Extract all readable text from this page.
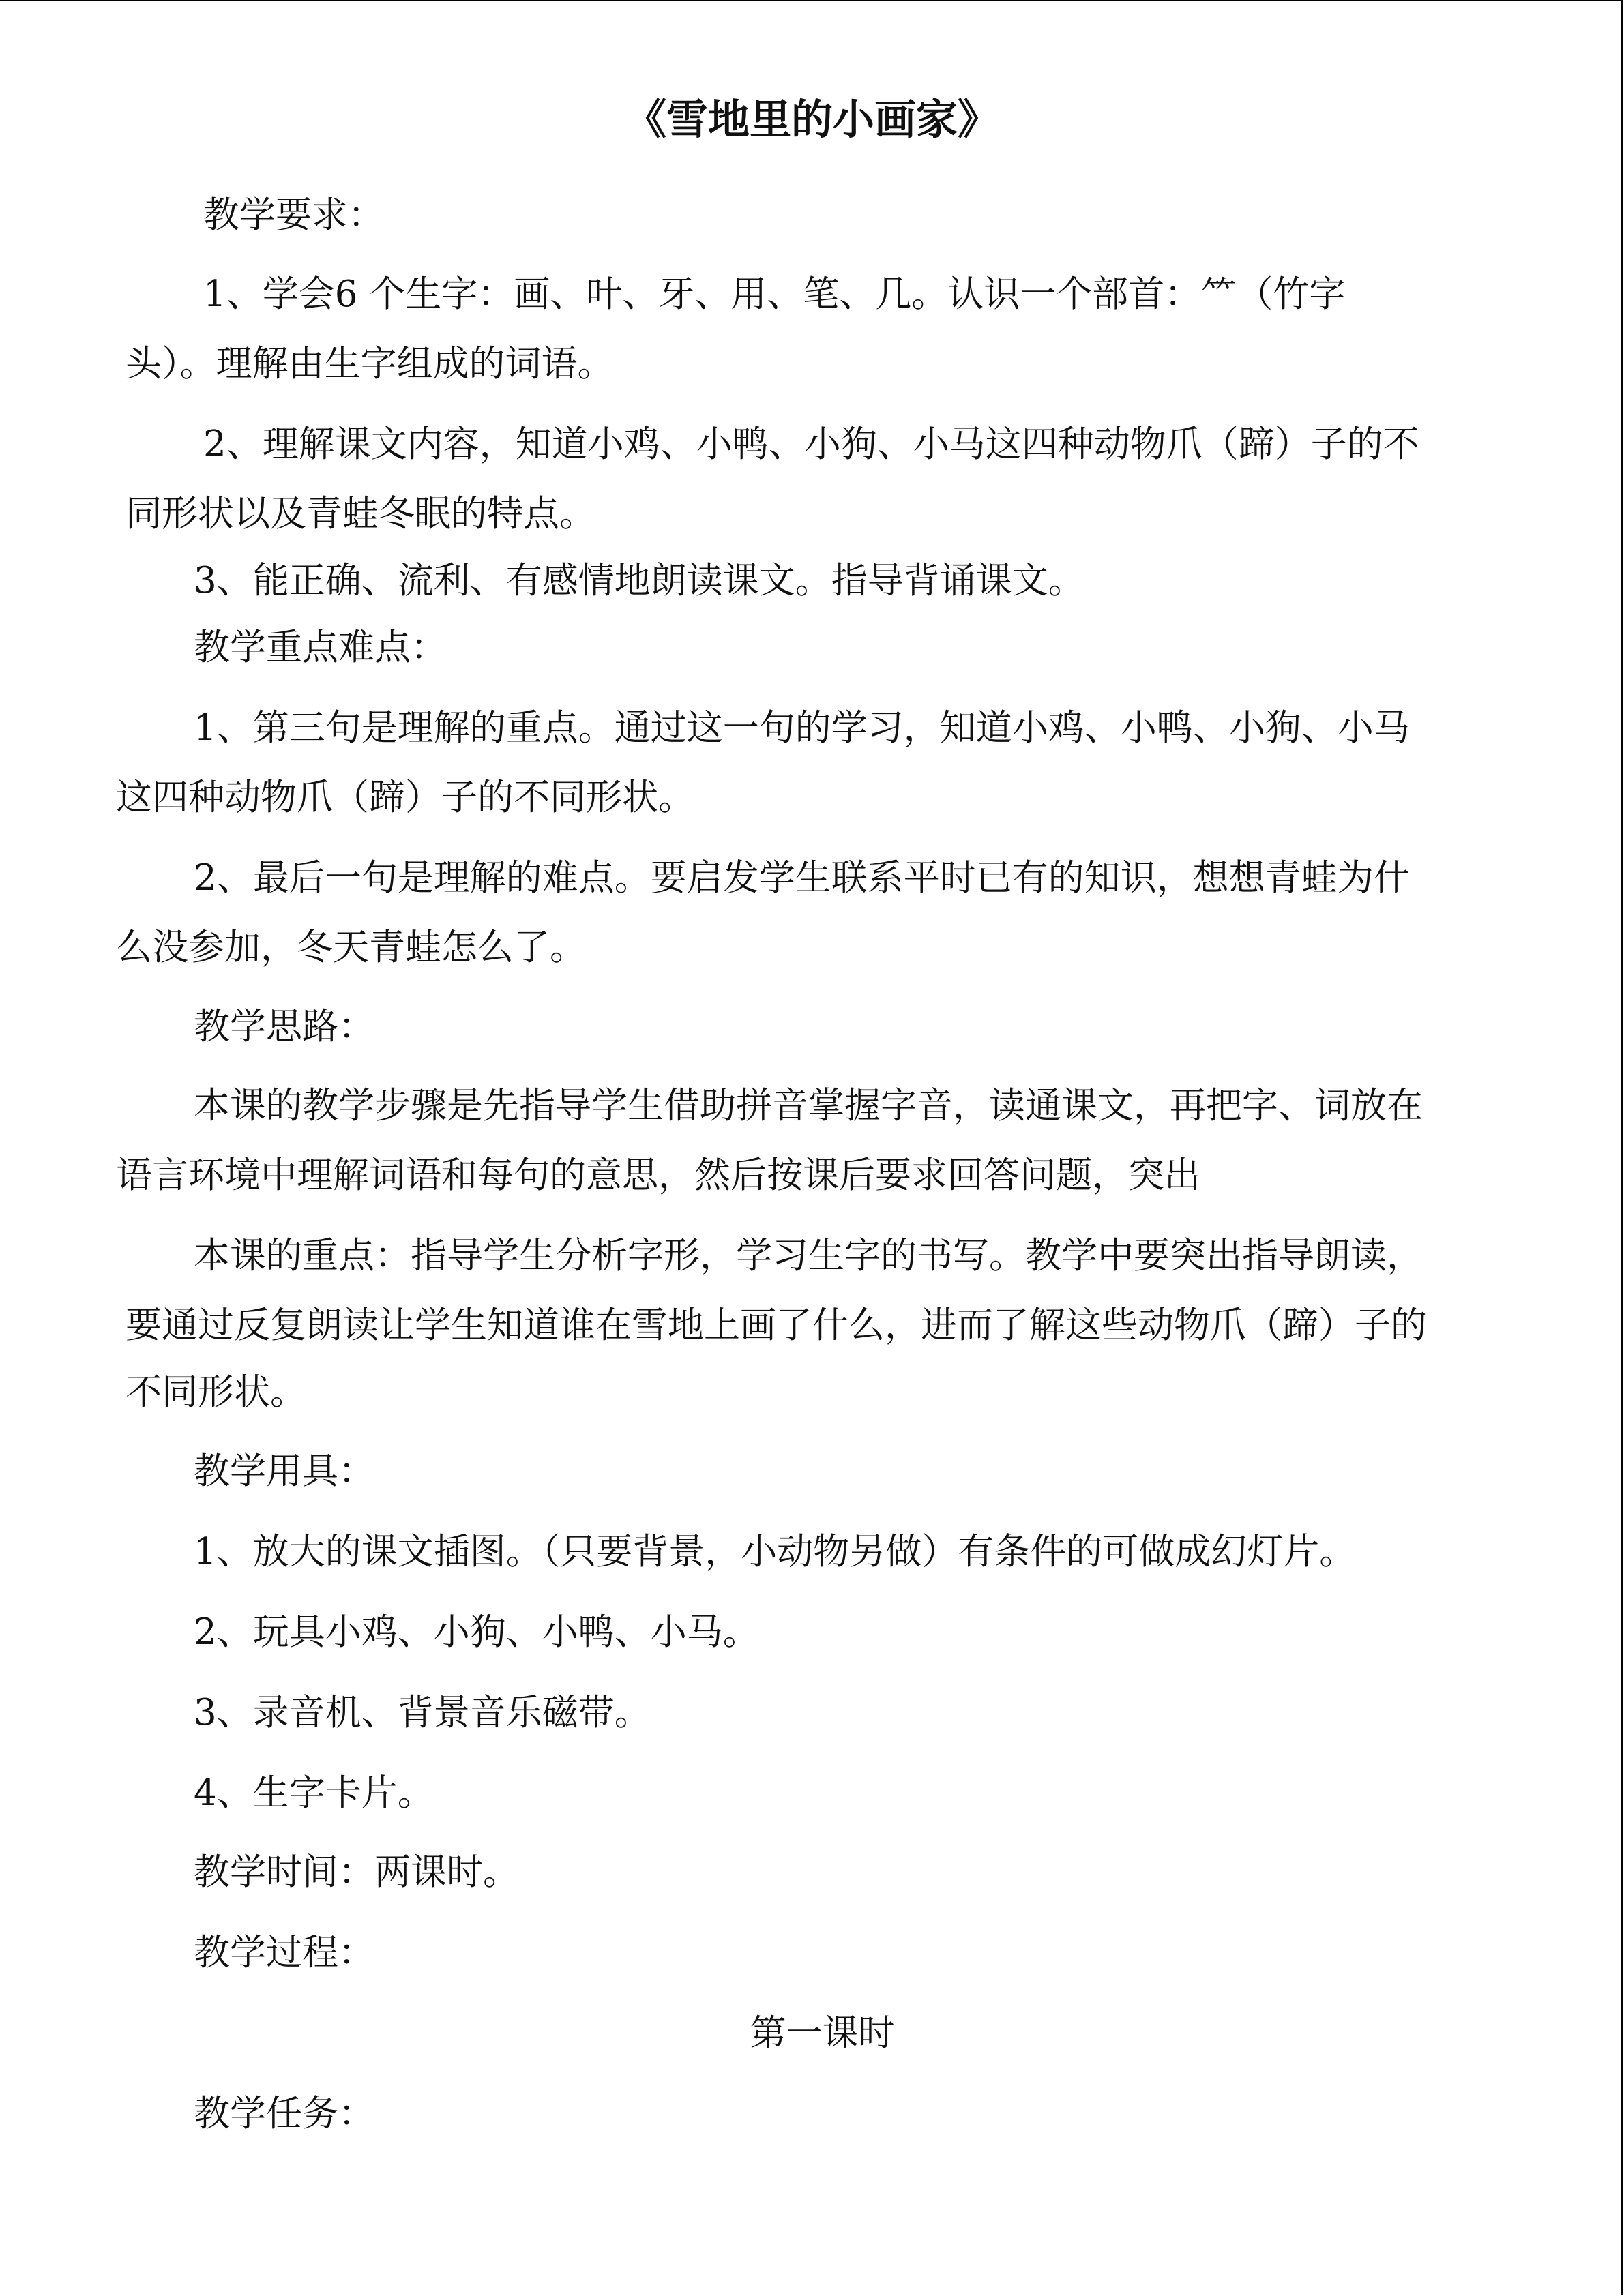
《雪地里的小画家》
教学要求：
1、学会6 个生字：画、叶、牙、用、笔、几。认识一个部首：⺮（竹字
头）。理解由生字组成的词语。
2、理解课文内容，知道小鸡、小鸭、小狗、小马这四种动物爪（蹄）子的不
同形状以及青蛙冬眠的特点。
3、能正确、流利、有感情地朗读课文。指导背诵课文。
教学重点难点：
1、第三句是理解的重点。通过这一句的学习，知道小鸡、小鸭、小狗、小马
这四种动物爪（蹄）子的不同形状。
2、最后一句是理解的难点。要启发学生联系平时已有的知识，想想青蛙为什
么没参加，冬天青蛙怎么了。
教学思路：
本课的教学步骤是先指导学生借助拼音掌握字音，读通课文，再把字、词放在
语言环境中理解词语和每句的意思，然后按课后要求回答问题，突出
本课的重点：指导学生分析字形，学习生字的书写。教学中要突出指导朗读，
要通过反复朗读让学生知道谁在雪地上画了什么，进而了解这些动物爪（蹄）子的
不同形状。
教学用具：
1、放大的课文插图。（只要背景，小动物另做）有条件的可做成幻灯片。
2、玩具小鸡、小狗、小鸭、小马。
3、录音机、背景音乐磁带。
4、生字卡片。
教学时间：两课时。
教学过程：
第一课时
教学任务：
